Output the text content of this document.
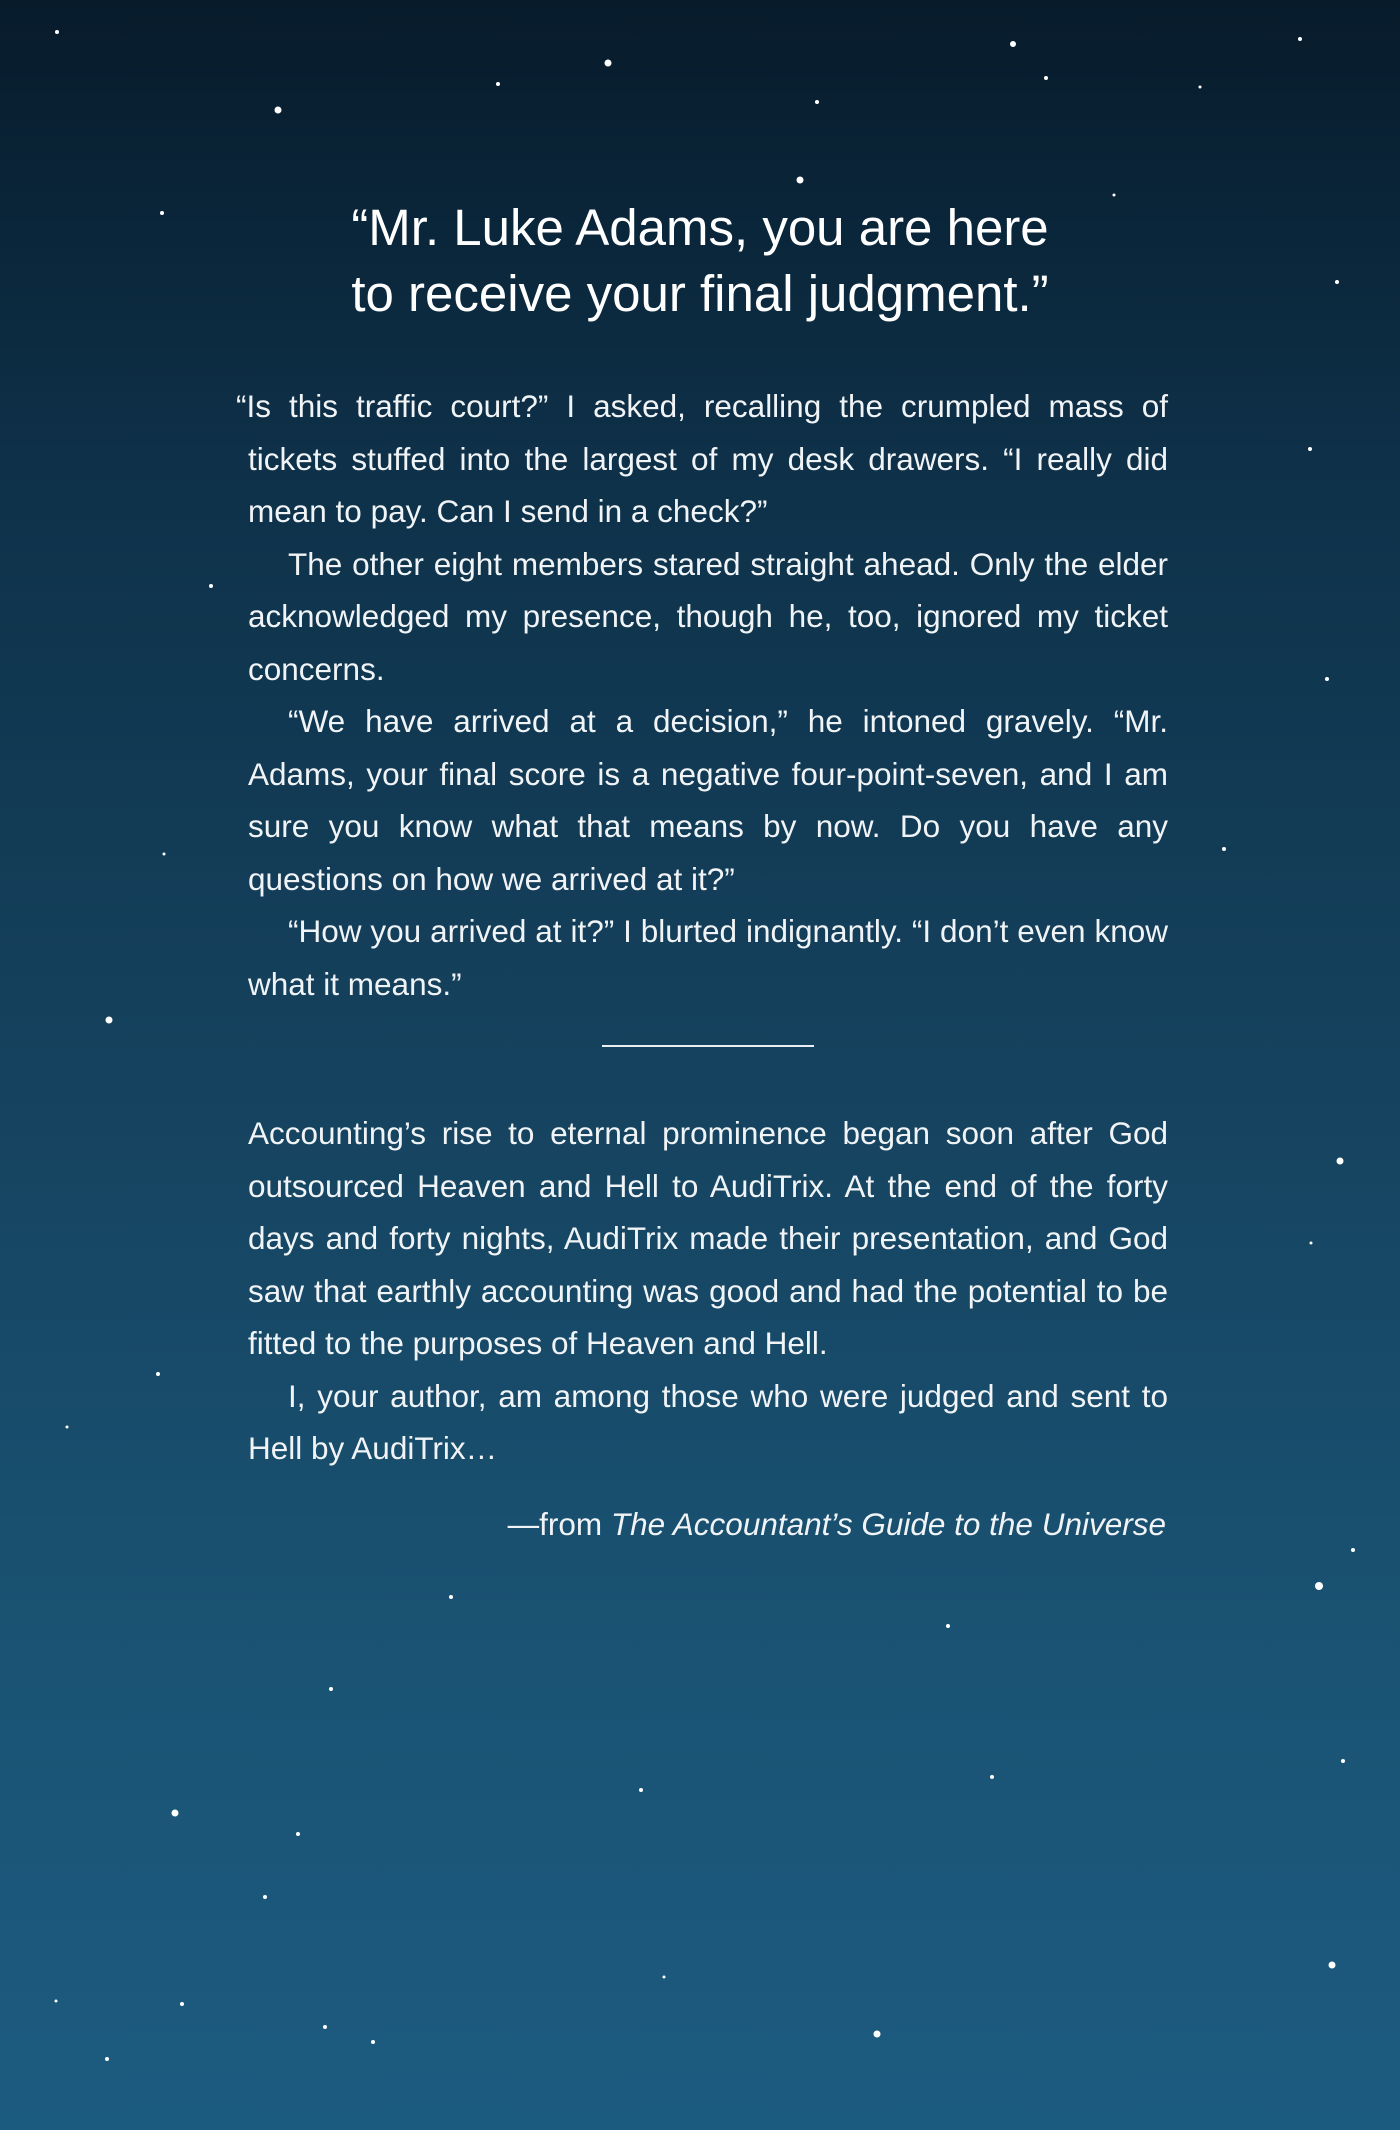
“Mr. Luke Adams, you are here
to receive your final judgment.”

“Is this traffic court?” I asked, recalling the crumpled mass of tickets stuffed into the largest of my desk drawers. “I really did mean to pay. Can I send in a check?”

The other eight members stared straight ahead. Only the elder acknowledged my presence, though he, too, ignored my ticket concerns.

“We have arrived at a decision,” he intoned gravely. “Mr. Adams, your final score is a negative four-point-seven, and I am sure you know what that means by now. Do you have any questions on how we arrived at it?”

“How you arrived at it?” I blurted indignantly. “I don’t even know what it means.”

Accounting’s rise to eternal prominence began soon after God outsourced Heaven and Hell to AudiTrix. At the end of the forty days and forty nights, AudiTrix made their presentation, and God saw that earthly accounting was good and had the potential to be fitted to the purposes of Heaven and Hell.

I, your author, am among those who were judged and sent to Hell by AudiTrix…

—from The Accountant’s Guide to the Universe
